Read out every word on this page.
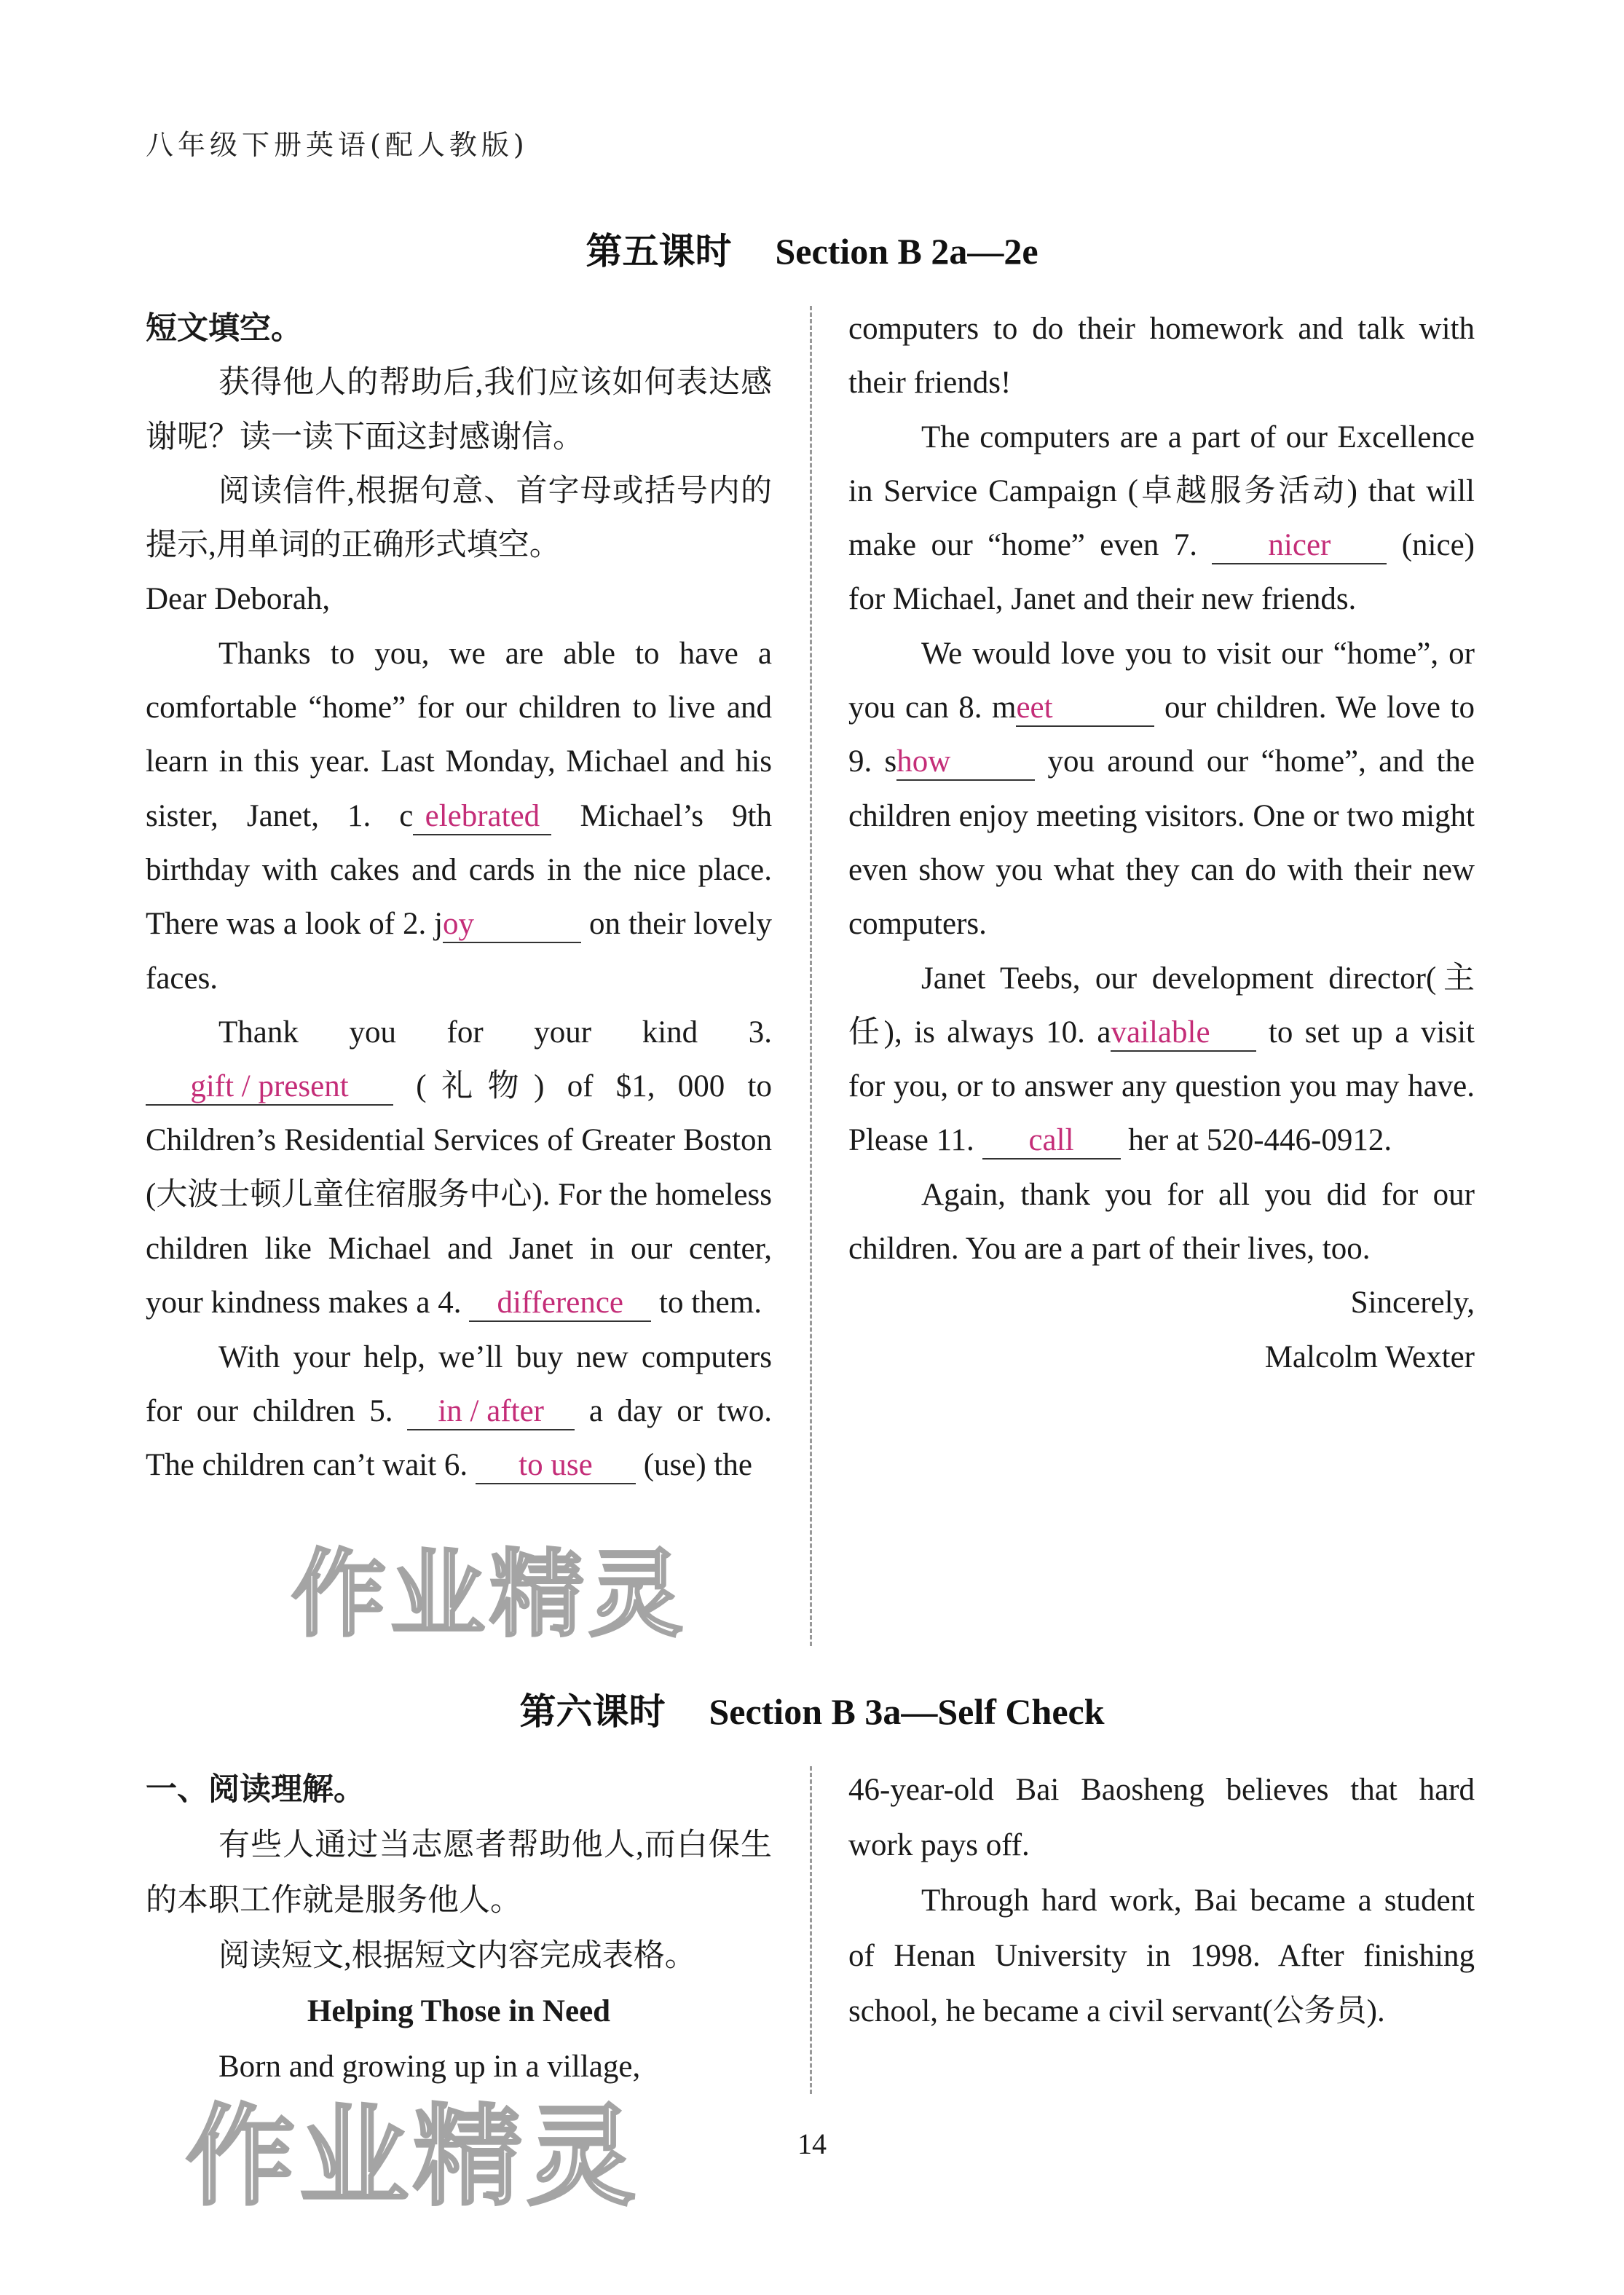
八年级下册英语(配人教版)
第五课时 Section B 2a—2e

短文填空。

获得他人的帮助后,我们应该如何表达感谢呢？读一读下面这封感谢信。

阅读信件,根据句意、首字母或括号内的提示,用单词的正确形式填空。

Dear Deborah,

Thanks to you, we are able to have a comfortable “home” for our children to live and learn in this year. Last Monday, Michael and his sister, Janet, 1. c elebrated Michael’s 9th birthday with cakes and cards in the nice place. There was a look of 2. joy	on their lovely faces.

Thank you for your kind 3. gift / present (礼物) of $1, 000 to Children’s Residential Services of Greater Boston (大波士顿儿童住宿服务中心). For the homeless children like Michael and Janet in our center, your kindness makes a 4. difference to them.

With your help, we’ll buy new computers for our children 5. in / after a day or two. The children can’t wait 6. to use (use) the

computers to do their homework and talk with their friends!

The computers are a part of our Excellence in Service Campaign (卓越服务活动) that will make our “home” even 7. nicer (nice) for Michael, Janet and their new friends.

We would love you to visit our “home”, or you can 8. meet	our children. We love to 9. show	you around our “home”, and the children enjoy meeting visitors. One or two might even show you what they can do with their new computers.

Janet Teebs, our development director(主任), is always 10. available to set up a visit for you, or to answer any question you may have. Please 11. call her at 520-446-0912.

Again, thank you for all you did for our children. You are a part of their lives, too.

Sincerely,

Malcolm Wexter

第六课时 Section B 3a—Self Check

一、阅读理解。

有些人通过当志愿者帮助他人,而白保生的本职工作就是服务他人。

阅读短文,根据短文内容完成表格。

Helping Those in Need

Born and growing up in a village,

46-year-old Bai Baosheng believes that hard work pays off.

Through hard work, Bai became a student of Henan University in 1998. After finishing school, he became a civil servant(公务员).

14
作业精灵
作业精灵
